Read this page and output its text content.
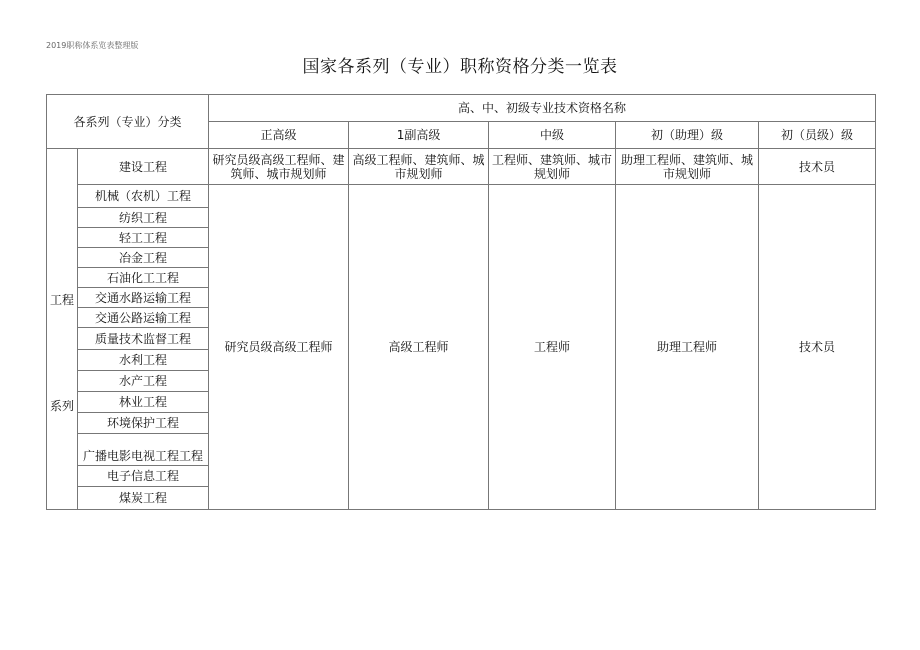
2019职称体系览表整理版
国家各系列（专业）职称资格分类一览表
各系列（专业）分类		高、中、初级专业技术资格名称				
		正高级	1副高级	中级	初（助理）级	初（员级）级

工程
系列	建设工程	研究员级高级工程师、建筑师、城市规划师	高级工程师、建筑师、城市规划师	工程师、建筑师、城市规划师	助理工程师、建筑师、城市规划师	技术员
	机械（农机）工程	研究员级高级工程师	高级工程师	工程师	助理工程师	技术员
	纺织工程					
	轻工工程					
	冶金工程					
	石油化工工程					
	交通水路运输工程					
	交通公路运输工程					
	质量技术监督工程					
	水利工程					
	水产工程					
	林业工程					
	环境保护工程					
	广播电影电视工程工程					
	电子信息工程					
	煤炭工程					
